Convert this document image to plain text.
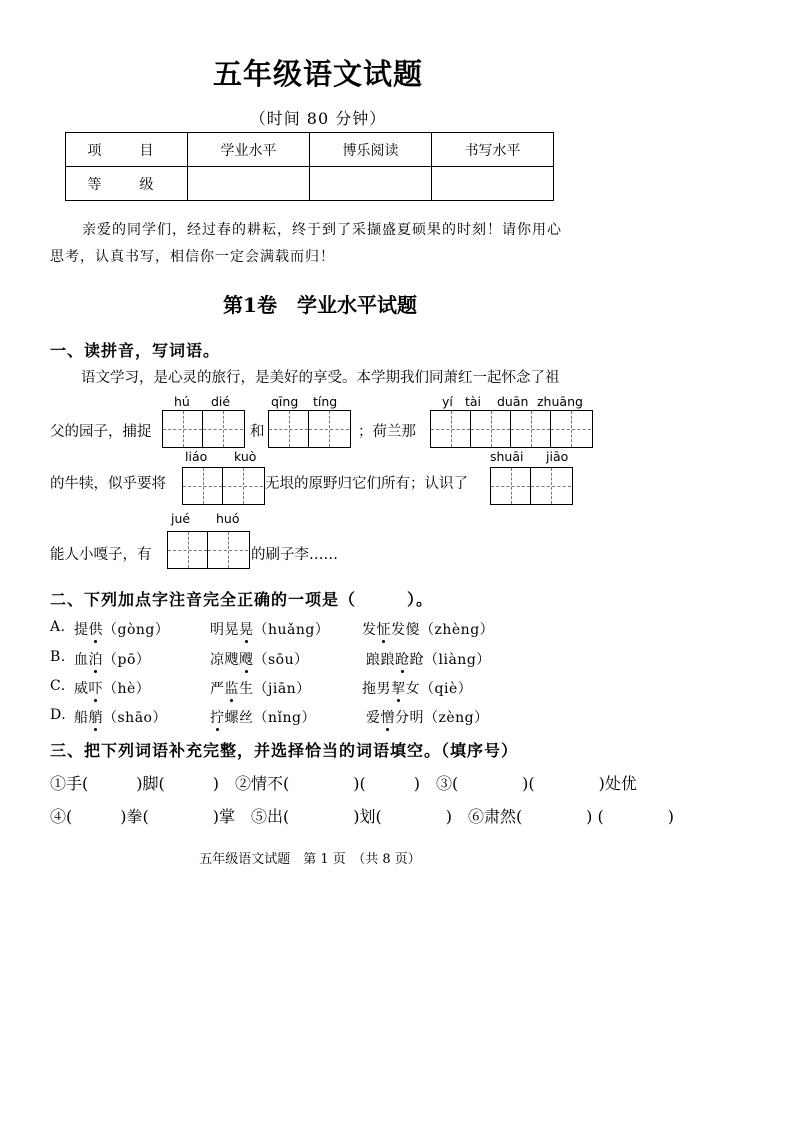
五年级语文试题
（时间 80 分钟）
项　目	学业水平	博乐阅读	书写水平
等　级			
亲爱的同学们，经过春的耕耘，终于到了采撷盛夏硕果的时刻！请你用心
思考，认真书写，相信你一定会满载而归！
第1卷　学业水平试题
一、读拼音，写词语。
语文学习，是心灵的旅行，是美好的享受。本学期我们同萧红一起怀念了祖
hú dié	qīng tíng	yí tài duān zhuāng
父的园子，捕捉	和	；荷兰那
liáo kuò	shuāi jiāo
的牛犊，似乎要将	无垠的原野归它们所有；认识了
jué huó
能人小嘎子，有	的刷子李……
二、下列加点字注音完全正确的一项是（　　　）。
A. 提供（gòng）	明晃晃（huǎng） 发怔发傻（zhèng）
B. 血泊（pō）	凉飕飕（sōu）	踉踉跄跄（liàng）
C. 威吓（hè）	严监生（jiān）	拖男挈女（qiè）
D. 船艄（shāo）	拧螺丝（nǐng）	爱憎分明（zèng）
三、把下列词语补充完整，并选择恰当的词语填空。（填序号）
①手(　　　)脚(　　　)　②情不(　　　　)(　　　)　③(　　　　)(　　　　)处优
④(　　　)拳(　　　　)掌　⑤出(　　　　)划(　　　　)　⑥肃然(　　　　) (　　　　)
五年级语文试题　第 1 页　（共 8 页）
